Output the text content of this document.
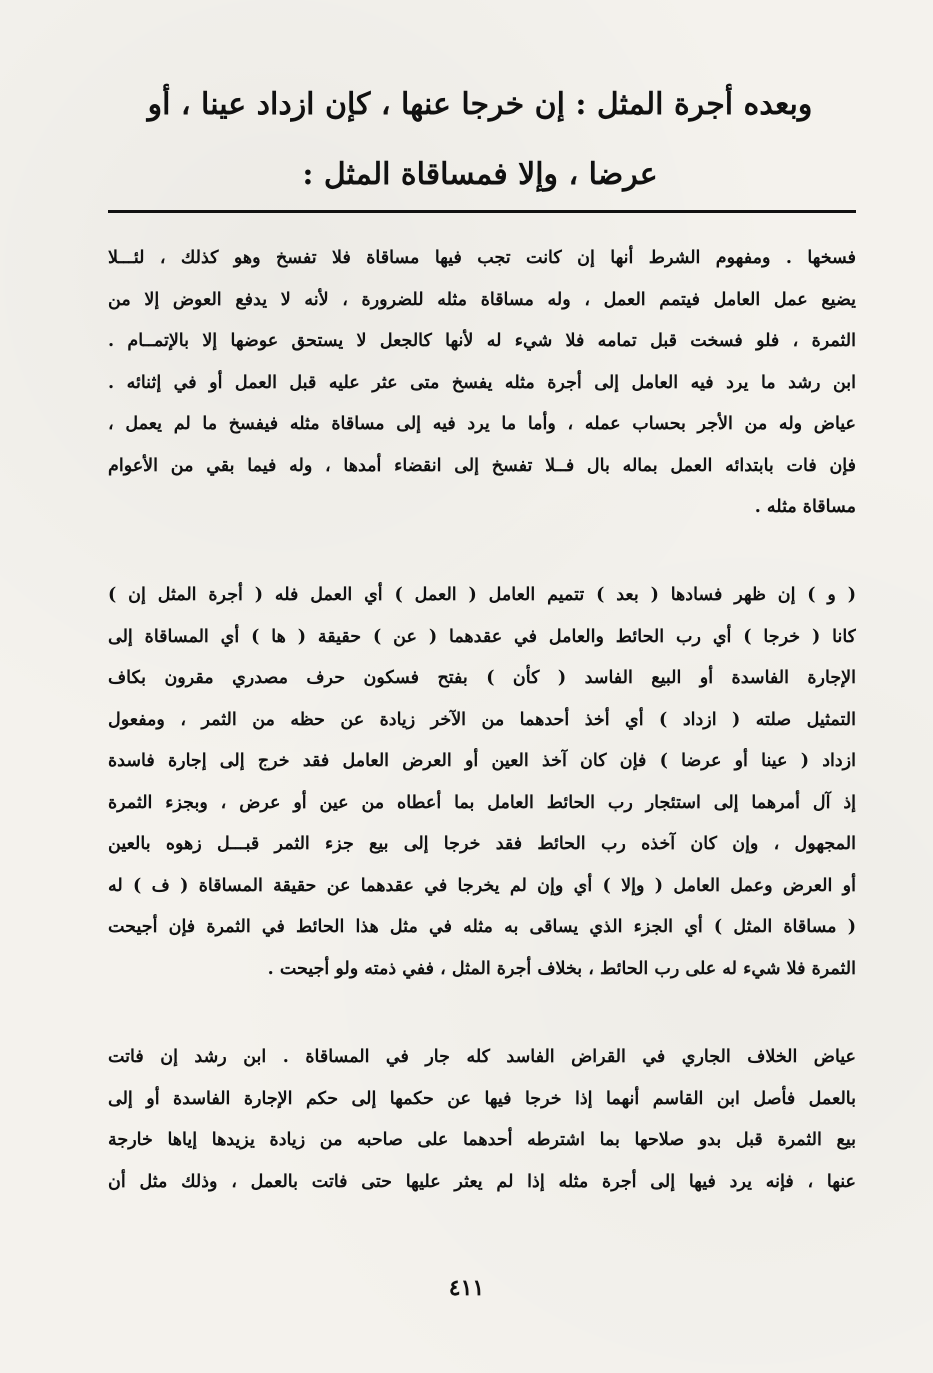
وبعده أجرة المثل : إن خرجا عنها ، كإن ازداد عينا ، أو
عرضا ، وإلا فمساقاة المثل :
فسخها . ومفهوم الشرط أنها إن كانت تجب فيها مساقاة فلا تفسخ وهو كذلك ، لئـــلا
يضيع عمل العامل فيتمم العمل ، وله مساقاة مثله للضرورة ، لأنه لا يدفع العوض إلا من
الثمرة ، فلو فسخت قبل تمامه فلا شيء له لأنها كالجعل لا يستحق عوضها إلا بالإتمــام .
ابن رشد ما يرد فيه العامل إلى أجرة مثله يفسخ متى عثر عليه قبل العمل أو في إثنائه .
عياض وله من الأجر بحساب عمله ، وأما ما يرد فيه إلى مساقاة مثله فيفسخ ما لم يعمل ،
فإن فات بابتدائه العمل بماله بال فــلا تفسخ إلى انقضاء أمدها ، وله فيما بقي من الأعوام
مساقاة مثله .
( و ) إن ظهر فسادها ( بعد ) تتميم العامل ( العمل ) أي العمل فله ( أجرة المثل إن )
كانا ( خرجا ) أي رب الحائط والعامل في عقدهما ( عن ) حقيقة ( ها ) أي المساقاة إلى
الإجارة الفاسدة أو البيع الفاسد ( كأن ) بفتح فسكون حرف مصدري مقرون بكاف
التمثيل صلته ( ازداد ) أي أخذ أحدهما من الآخر زيادة عن حظه من الثمر ، ومفعول
ازداد ( عينا أو عرضا ) فإن كان آخذ العين أو العرض العامل فقد خرج إلى إجارة فاسدة
إذ آل أمرهما إلى استئجار رب الحائط العامل بما أعطاه من عين أو عرض ، وبجزء الثمرة
المجهول ، وإن كان آخذه رب الحائط فقد خرجا إلى بيع جزء الثمر قبـــل زهوه بالعين
أو العرض وعمل العامل ( وإلا ) أي وإن لم يخرجا في عقدهما عن حقيقة المساقاة ( ف ) له
( مساقاة المثل ) أي الجزء الذي يساقى به مثله في مثل هذا الحائط في الثمرة فإن أجيحت
الثمرة فلا شيء له على رب الحائط ، بخلاف أجرة المثل ، ففي ذمته ولو أجيحت .
عياض الخلاف الجاري في القراض الفاسد كله جار في المساقاة . ابن رشد إن فاتت
بالعمل فأصل ابن القاسم أنهما إذا خرجا فيها عن حكمها إلى حكم الإجارة الفاسدة أو إلى
بيع الثمرة قبل بدو صلاحها بما اشترطه أحدهما على صاحبه من زيادة يزيدها إياها خارجة
عنها ، فإنه يرد فيها إلى أجرة مثله إذا لم يعثر عليها حتى فاتت بالعمل ، وذلك مثل أن
٤١١
